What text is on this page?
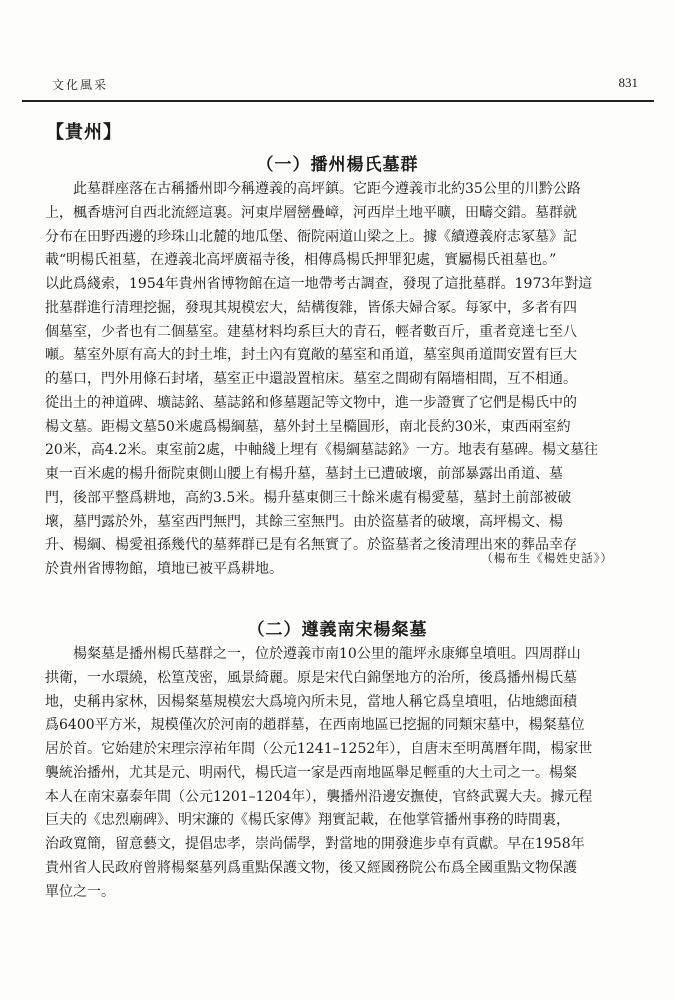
文化風采	831
【貴州】
（一）播州楊氏墓群
此墓群座落在古稱播州即今稱遵義的高坪鎮。它距今遵義市北約35公里的川黔公路
上，楓香塘河自西北流經這裏。河東岸層巒疊嶂，河西岸土地平曠，田疇交錯。墓群就
分布在田野西邊的珍珠山北麓的地瓜堡、衙院兩道山梁之上。據《續遵義府志冢墓》記
載“明楊氏祖墓，在遵義北高坪廣福寺後，相傳爲楊氏押罪犯處，實屬楊氏祖墓也。”
以此爲綫索，1954年貴州省博物館在這一地帶考古調查，發現了這批墓群。1973年對這
批墓群進行清理挖掘，發現其規模宏大，結構復雜，皆係夫婦合冢。每冢中，多者有四
個墓室，少者也有二個墓室。建墓材料均系巨大的青石，輕者數百斤，重者竟達七至八
噸。墓室外原有高大的封土堆，封土內有寬敞的墓室和甬道，墓室與甬道間安置有巨大
的墓口，門外用條石封堵，墓室正中還設置棺床。墓室之間砌有隔墻相間，互不相通。
從出土的神道碑、壙誌銘、墓誌銘和修墓題記等文物中，進一步證實了它們是楊氏中的
楊文墓。距楊文墓50米處爲楊綱墓，墓外封土呈橢圓形，南北長約30米，東西兩室約
20米，高4.2米。東室前2處，中軸綫上埋有《楊綱墓誌銘》一方。地表有墓碑。楊文墓往
東一百米處的楊升衙院東側山腰上有楊升墓，墓封土已遭破壞，前部暴露出甬道、墓
門，後部平整爲耕地，高約3.5米。楊升墓東側三十餘米處有楊愛墓，墓封土前部被破
壞，墓門露於外，墓室西門無門，其餘三室無門。由於盜墓者的破壞，高坪楊文、楊
升、楊綱、楊愛祖孫幾代的墓葬群已是有名無實了。於盜墓者之後清理出來的葬品幸存
於貴州省博物館，墳地已被平爲耕地。
（楊布生《楊姓史話》）
（二）遵義南宋楊粲墓
楊粲墓是播州楊氏墓群之一，位於遵義市南10公里的龍坪永康鄉皇墳咀。四周群山
拱衛，一水環繞，松篁茂密，風景綺麗。原是宋代白錦堡地方的治所，後爲播州楊氏墓
地，史稱冉家林，因楊粲墓規模宏大爲境內所未見，當地人稱它爲皇墳咀，佔地總面積
爲6400平方米，規模僅次於河南的趙群墓，在西南地區已挖掘的同類宋墓中，楊粲墓位
居於首。它始建於宋理宗淳祐年間（公元1241–1252年），自唐末至明萬曆年間，楊家世
襲統治播州，尤其是元、明兩代，楊氏這一家是西南地區舉足輕重的大土司之一。楊粲
本人在南宋嘉泰年間（公元1201–1204年），襲播州沿邊安撫使，官終武翼大夫。據元程
巨夫的《忠烈廟碑》、明宋濂的《楊氏家傳》翔實記載，在他掌管播州事務的時間裏，
治政寬簡，留意藝文，提倡忠孝，崇尚儒學，對當地的開發進步卓有貢獻。早在1958年
貴州省人民政府曾將楊粲墓列爲重點保護文物，後又經國務院公布爲全國重點文物保護
單位之一。
